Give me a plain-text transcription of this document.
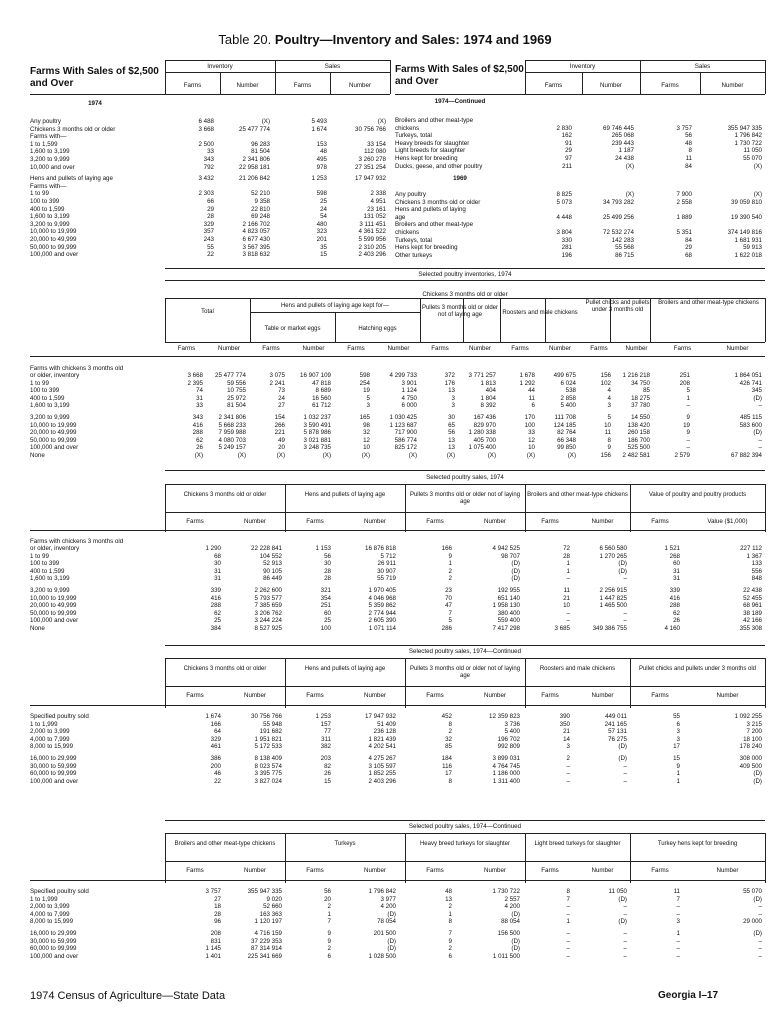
Table 20. Poultry—Inventory and Sales: 1974 and 1969
Farms With Sales of $2,500 and Over
1974
Inventory	Sales
Farms	Number	Farms	Number
Any poultry	6 488	(X)	5 493	(X)
Chickens 3 months old or older	3 668	25 477 774	1 674	30 756 766
Farms with—
1 to 1,599	2 500	96 283	153	33 154
1,600 to 3,199	33	81 504	48	112 080
3,200 to 9,999	343	2 341 806	495	3 260 278
10,000 and over	792	22 958 181	978	27 351 254
Hens and pullets of laying age	3 432	21 206 842	1 253	17 947 932
Farms with—
1 to 99	2 303	52 210	598	2 338
100 to 399	66	9 358	25	4 951
400 to 1,599	29	22 810	24	23 161
1,600 to 3,199	28	69 248	54	131 052
3,200 to 9,999	329	2 166 702	480	3 111 451
10,000 to 19,999	357	4 823 057	323	4 361 522
20,000 to 49,999	243	6 677 430	201	5 599 956
50,000 to 99,999	55	3 567 395	35	2 310 205
100,000 and over	22	3 818 632	15	2 403 296
Farms With Sales of $2,500 and Over
Inventory	Sales
Farms	Number	Farms	Number
1974—Continued
Broilers and other meat-type
chickens	2 830	69 746 445	3 757	355 947 335
Turkeys, total	162	265 068	56	1 796 842
Heavy breeds for slaughter	91	239 443	48	1 730 722
Light breeds for slaughter	29	1 187	8	11 050
Hens kept for breeding	97	24 438	11	55 070
Ducks, geese, and other poultry	211	(X)	84	(X)
1969
Any poultry	8 825	(X)	7 900	(X)
Chickens 3 months old or older	5 073	34 793 282	2 558	39 059 810
Hens and pullets of laying
age	4 448	25 499 256	1 889	19 390 540
Broilers and other meat-type
chickens	3 804	72 532 274	5 351	374 149 816
Turkeys, total	330	142 283	84	1 681 931
Hens kept for breeding	281	55 568	29	59 913
Other turkeys	196	86 715	68	1 622 018
Selected poultry inventories, 1974
Chickens 3 months old or older
Total
Hens and pullets of laying age kept for—
Table or market eggs	Hatching eggs
Pullets 3 months old or older not of laying age	Roosters and male chickens
Pullet chicks and pullets under 3 months old
Broilers and other meat-type chickens
Farms	Number	Farms	Number	Farms	Number	Farms	Number	Farms	Number	Farms	Number	Farms	Number
Farms with chickens 3 months old
or older, inventory	3 668	25 477 774	3 075	16 907 109	598	4 299 733	372	3 771 257	1 678	499 675	156	1 216 218	251	1 864 051
1 to 99	2 395	59 556	2 241	47 818	254	3 901	176	1 813	1 292	6 024	102	34 750	208	426 741
100 to 399	74	10 755	73	8 689	19	1 124	13	404	44	538	4	85	5	345
400 to 1,599	31	25 972	24	16 560	5	4 750	3	1 804	11	2 858	4	18 275	1	(D)
1,600 to 3,199	33	81 504	27	61 712	3	6 000	3	8 392	6	5 400	3	37 780	–	–
3,200 to 9,999	343	2 341 806	154	1 032 237	165	1 030 425	30	167 436	170	111 708	5	14 550	9	485 115
10,000 to 19,999	416	5 668 233	266	3 590 491	98	1 123 687	65	829 970	100	124 185	10	138 420	19	583 600
20,000 to 49,999	288	7 959 988	221	5 878 986	32	717 900	56	1 280 338	33	82 764	11	260 158	9	(D)
50,000 to 99,999	62	4 080 703	49	3 021 881	12	586 774	13	405 700	12	66 348	8	186 700	–	–
100,000 and over	26	5 249 157	20	3 248 735	10	825 172	13	1 075 400	10	99 850	9	525 500	–	–
None	(X)	(X)	(X)	(X)	(X)	(X)	(X)	(X)	(X)	(X)	156	2 482 581	2 579	67 882 394
Selected poultry sales, 1974
Chickens 3 months old or older	Hens and pullets of laying age	Pullets 3 months old or older not of laying age
Broilers and other meat-type chickens	Value of poultry and poultry products
Farms	Number	Farms	Number	Farms	Number	Farms	Number	Farms	Value ($1,000)
Farms with chickens 3 months old
or older, inventory	1 290	22 228 841	1 153	16 876 818	166	4 942 525	72	6 560 580	1 521	227 112
1 to 99	68	104 552	56	5 712	9	98 707	28	1 270 265	268	1 367
100 to 399	30	52 913	30	26 911	1	(D)	1	(D)	60	133
400 to 1,599	31	90 105	28	30 907	2	(D)	1	(D)	31	556
1,600 to 3,199	31	86 449	28	55 719	2	(D)	–	–	31	848
3,200 to 9,999	339	2 262 600	321	1 970 405	23	192 955	11	2 256 915	339	22 438
10,000 to 19,999	416	5 793 577	354	4 046 968	70	651 140	21	1 447 825	416	52 455
20,000 to 49,999	288	7 385 659	251	5 359 862	47	1 958 130	10	1 465 500	288	68 961
50,000 to 99,999	62	3 206 762	60	2 774 944	7	380 400	–	–	62	38 189
100,000 and over	25	3 244 224	25	2 605 390	5	559 400	–	–	26	42 166
None	384	8 527 925	100	1 071 114	286	7 417 298	3 685	349 386 755	4 160	355 308
Selected poultry sales, 1974—Continued
Chickens 3 months old or older	Hens and pullets of laying age	Pullets 3 months old or older not of laying age
Roosters and male chickens	Pullet chicks and pullets under 3 months old
Farms	Number	Farms	Number	Farms	Number	Farms	Number	Farms	Number
Specified poultry sold	1 674	30 756 766	1 253	17 947 932	452	12 359 823	390	449 011	55	1 092 255
1 to 1,999	166	55 948	157	51 409	8	3 736	350	241 165	6	3 215
2,000 to 3,999	64	191 682	77	236 128	2	5 400	21	57 131	3	7 200
4,000 to 7,999	329	1 951 821	311	1 821 439	32	196 702	14	76 275	3	18 100
8,000 to 15,999	461	5 172 533	382	4 202 541	85	992 809	3	(D)	17	178 240
16,000 to 29,999	386	8 138 409	203	4 275 267	184	3 899 031	2	(D)	15	308 000
30,000 to 59,999	200	8 023 574	82	3 105 597	116	4 764 745	–	–	9	409 500
60,000 to 99,999	46	3 395 775	26	1 852 255	17	1 186 000	–	–	1	(D)
100,000 and over	22	3 827 024	15	2 403 296	8	1 311 400	–	–	1	(D)
Selected poultry sales, 1974—Continued
Broilers and other meat-type chickens	Turkeys	Heavy breed turkeys for slaughter	Light breed turkeys for slaughter	Turkey hens kept for breeding
Farms	Number	Farms	Number	Farms	Number	Farms	Number	Farms	Number
Specified poultry sold	3 757	355 947 335	56	1 796 842	48	1 730 722	8	11 050	11	55 070
1 to 1,999	27	9 020	20	3 977	13	2 557	7	(D)	7	(D)
2,000 to 3,999	18	52 660	2	4 200	2	4 200	–	–	–	–
4,000 to 7,999	28	163 363	1	(D)	1	(D)	–	–	–	–
8,000 to 15,999	96	1 120 197	7	78 054	8	88 054	1	(D)	3	29 000
16,000 to 29,999	208	4 716 159	9	201 500	7	156 500	–	–	1	(D)
30,000 to 59,999	831	37 229 353	9	(D)	9	(D)	–	–	–	–
60,000 to 99,999	1 145	87 314 914	2	(D)	2	(D)	–	–	–	–
100,000 and over	1 401	225 341 669	6	1 028 500	6	1 011 500	–	–	–	–
1974 Census of Agriculture—State Data	Georgia I–17
